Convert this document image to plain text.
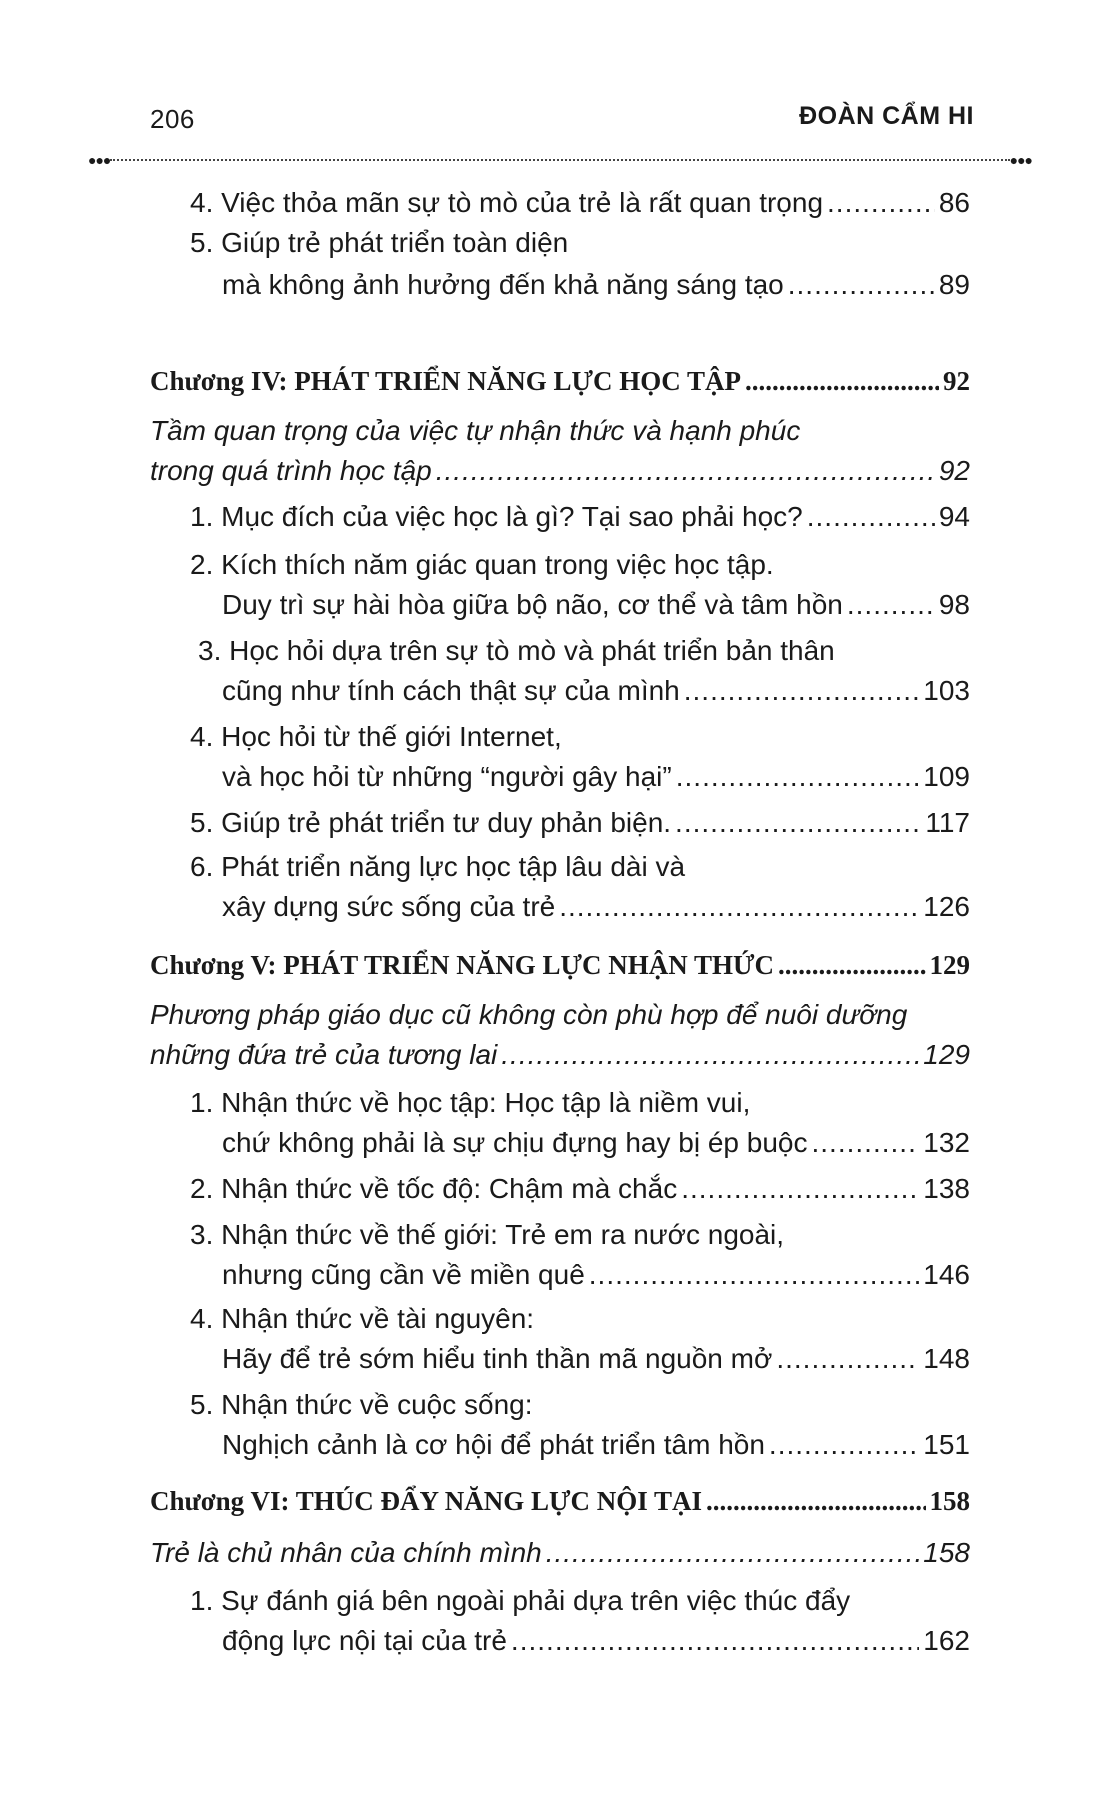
206	ĐOÀN CẨM HI
●●●	●●●
4. Việc thỏa mãn sự tò mò của trẻ là rất quan trọng .....	86
5. Giúp trẻ phát triển toàn diện
mà không ảnh hưởng đến khả năng sáng tạo .....	89
Chương IV: PHÁT TRIỂN NĂNG LỰC HỌC TẬP .....	92
Tầm quan trọng của việc tự nhận thức và hạnh phúc
trong quá trình học tập .....	92
1. Mục đích của việc học là gì? Tại sao phải học? .....	94
2. Kích thích năm giác quan trong việc học tập.
Duy trì sự hài hòa giữa bộ não, cơ thể và tâm hồn .....	98
3. Học hỏi dựa trên sự tò mò và phát triển bản thân
cũng như tính cách thật sự của mình .....	103
4. Học hỏi từ thế giới Internet,
và học hỏi từ những “người gây hại” .....	109
5. Giúp trẻ phát triển tư duy phản biện. .....	117
6. Phát triển năng lực học tập lâu dài và
xây dựng sức sống của trẻ .....	126
Chương V: PHÁT TRIỂN NĂNG LỰC NHẬN THỨC .....	129
Phương pháp giáo dục cũ không còn phù hợp để nuôi dưỡng
những đứa trẻ của tương lai .....	129
1. Nhận thức về học tập: Học tập là niềm vui,
chứ không phải là sự chịu đựng hay bị ép buộc .....	132
2. Nhận thức về tốc độ: Chậm mà chắc .....	138
3. Nhận thức về thế giới: Trẻ em ra nước ngoài,
nhưng cũng cần về miền quê .....	146
4. Nhận thức về tài nguyên:
Hãy để trẻ sớm hiểu tinh thần mã nguồn mở .....	148
5. Nhận thức về cuộc sống:
Nghịch cảnh là cơ hội để phát triển tâm hồn .....	151
Chương VI: THÚC ĐẨY NĂNG LỰC NỘI TẠI .....	158
Trẻ là chủ nhân của chính mình .....	158
1. Sự đánh giá bên ngoài phải dựa trên việc thúc đẩy
động lực nội tại của trẻ .....	162
